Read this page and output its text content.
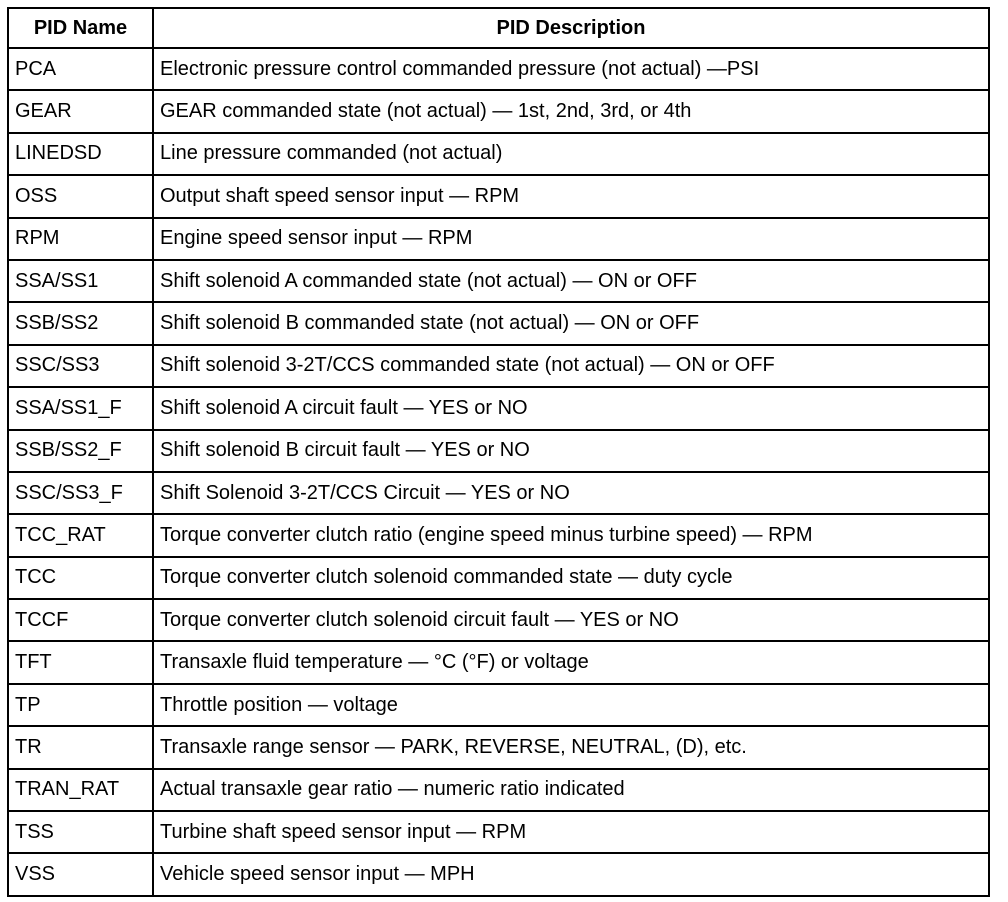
PID Name	PID Description
PCA	Electronic pressure control commanded pressure (not actual) —PSI
GEAR	GEAR commanded state (not actual) — 1st, 2nd, 3rd, or 4th
LINEDSD	Line pressure commanded (not actual)
OSS	Output shaft speed sensor input — RPM
RPM	Engine speed sensor input — RPM
SSA/SS1	Shift solenoid A commanded state (not actual) — ON or OFF
SSB/SS2	Shift solenoid B commanded state (not actual) — ON or OFF
SSC/SS3	Shift solenoid 3-2T/CCS commanded state (not actual) — ON or OFF
SSA/SS1_F	Shift solenoid A circuit fault — YES or NO
SSB/SS2_F	Shift solenoid B circuit fault — YES or NO
SSC/SS3_F	Shift Solenoid 3-2T/CCS Circuit — YES or NO
TCC_RAT	Torque converter clutch ratio (engine speed minus turbine speed) — RPM
TCC	Torque converter clutch solenoid commanded state — duty cycle
TCCF	Torque converter clutch solenoid circuit fault — YES or NO
TFT	Transaxle fluid temperature — °C (°F) or voltage
TP	Throttle position — voltage
TR	Transaxle range sensor — PARK, REVERSE, NEUTRAL, (D), etc.
TRAN_RAT	Actual transaxle gear ratio — numeric ratio indicated
TSS	Turbine shaft speed sensor input — RPM
VSS	Vehicle speed sensor input — MPH
